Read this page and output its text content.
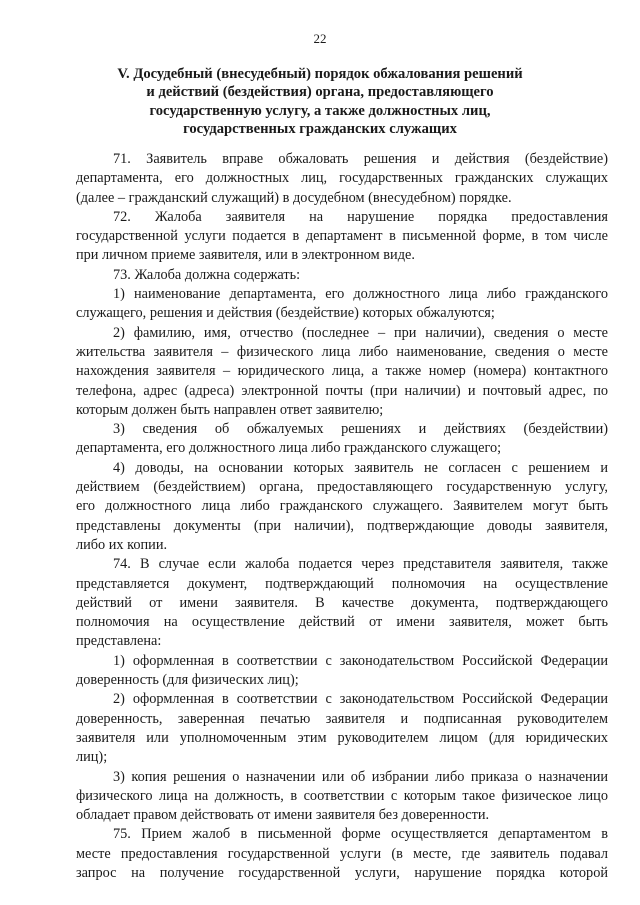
22
V. Досудебный (внесудебный) порядок обжалования решений
и действий (бездействия) органа, предоставляющего
государственную услугу, а также должностных лиц,
государственных гражданских служащих
71. Заявитель вправе обжаловать решения и действия (бездействие)
департамента, его должностных лиц, государственных гражданских служащих
(далее – гражданский служащий) в досудебном (внесудебном) порядке.
72. Жалоба заявителя на нарушение порядка предоставления
государственной услуги подается в департамент в письменной форме, в том числе
при личном приеме заявителя, или в электронном виде.
73. Жалоба должна содержать:
1) наименование департамента, его должностного лица либо гражданского
служащего, решения и действия (бездействие) которых обжалуются;
2) фамилию, имя, отчество (последнее – при наличии), сведения о месте
жительства заявителя – физического лица либо наименование, сведения о месте
нахождения заявителя – юридического лица, а также номер (номера) контактного
телефона, адрес (адреса) электронной почты (при наличии) и почтовый адрес, по
которым должен быть направлен ответ заявителю;
3) сведения об обжалуемых решениях и действиях (бездействии)
департамента, его должностного лица либо гражданского служащего;
4) доводы, на основании которых заявитель не согласен с решением и
действием (бездействием) органа, предоставляющего государственную услугу,
его должностного лица либо гражданского служащего. Заявителем могут быть
представлены документы (при наличии), подтверждающие доводы заявителя,
либо их копии.
74. В случае если жалоба подается через представителя заявителя, также
представляется документ, подтверждающий полномочия на осуществление
действий от имени заявителя. В качестве документа, подтверждающего
полномочия на осуществление действий от имени заявителя, может быть
представлена:
1) оформленная в соответствии с законодательством Российской Федерации
доверенность (для физических лиц);
2) оформленная в соответствии с законодательством Российской Федерации
доверенность, заверенная печатью заявителя и подписанная руководителем
заявителя или уполномоченным этим руководителем лицом (для юридических
лиц);
3) копия решения о назначении или об избрании либо приказа о назначении
физического лица на должность, в соответствии с которым такое физическое лицо
обладает правом действовать от имени заявителя без доверенности.
75. Прием жалоб в письменной форме осуществляется департаментом в
месте предоставления государственной услуги (в месте, где заявитель подавал
запрос на получение государственной услуги, нарушение порядка которой
